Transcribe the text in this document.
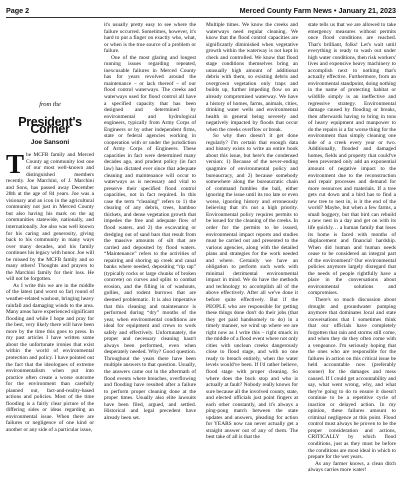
Page 2	Merced County Farm News • January 21, 2023
from the
President's Corner
Joe Sansoni

The MCFB family and Merced County ag community lost one of our most well-known and distinguished members recently. Joe Marchini, of J. Marchini and Sons, has passed away December 28th at the age of 84 years. Joe was a visionary and an icon in the agricultural community not just in Merced County but also having his mark on the ag communities statewide, nationally, and internationally. Joe also was well known for his caring and generosity, giving back to his community in many ways over many decades, and his family continues his legacy with honor. Joe will be missed by the MCFB family and so many others! Thoughts and prayers to the Marchini family for their loss. He will not be forgotten.

As I write this we are in the middle of the latest (and worst so far) round of weather-related washout, bringing heavy rainfall and damaging winds to the area. Many areas have experienced significant flooding and while I hope and pray for the best, very likely there will have been more by the time this goes to press. In my past articles I have written some about the unfortunate ironies that exist within the world of environmental protection and policy. I have pointed out the fact that the ideologues of extreme environmentalism when put into practice often create a worse outcome for the environment than carefully planned out, fact-and-reality-based actions and policies. Most of the time flooding is a fairly clear picture of the differing sides or ideas regarding an environmental issue. When there are failures or negligence of one kind or another or any side of a particular issue,

it's usually pretty easy to see where the failure occurred. Sometimes, however, it's hard to put a finger on exactly who, what, or when is the true source of a problem or failure.

One of the most glaring and longest running issues regarding repeated, inexcusable failures in Merced County has for years revolved around the maintenance – or lack thereof – of our flood control waterways. The creeks and waterways used for flood control all have a specified capacity that has been designed and determined by environmental and hydrological engineers, typically from Army Corps of Engineers or by other independent firms, state or federal agencies working in cooperation with or under the jurisdiction of Army Corps of Engineers. These capacities in fact were determined many decades ago, and prudent policy (in fact law) has dictated ever since that adequate cleaning and maintenance will occur to waterways as is necessary and vital to preserve their specified flood control capacities, not in fact required. In this case the term “cleaning” refers to 1) the clearing of any debris, trees, bamboo thickets, and dense vegetation growth that impedes the free and adequate flow of flood waters, and 2) the excavating or dredging out of sand bars that result from the massive amounts of silt that are carried and deposited by flood waters. “Maintenance” refers to the activities of repairing and shoring up creek and canal banks where needed, depositing “rip rap” (typically rocks or large chunks of broken concrete) on curves and splits to combat erosion, and the filling in of washouts, gullies, and rodent burrows that are deemed problematic. It is also imperative that this cleaning and maintenance is performed during “dry” months of the year, when environmental conditions are ideal for equipment and crews to work safely and effectively. Unfortunately, the proper and necessary cleaning hasn't always been performed, even when desperately needed. Why? Good question. Throughout the years there have been multiple answers to that question. Usually, the answers came out in the aftermath of flood events where breaches, overflowing and flooding have resulted after a failure to perform proper cleaning done at the proper times. Usually also elite lawsuits have been filed, argued, and settled. Historical and legal precedent have already been set.

Multiple times. We know the creeks and waterways need regular cleaning. We know that the flood control capacities are significantly diminished when vegetative growth within the waterway is not kept in check and controlled. We know that flood stage conditions themselves bring an unusually high amount of additional debris with them, so existing debris and overgrown vegetation only traps and builds up, further impeding flow on an already compromised waterway. We have a history of homes, farms, animals, cities, drinking water wells and environmental health in general being severely and negatively impacted by floods that occur when the creeks overflow or break.

So why then doesn't it get done regularly? I'm certain that enough data and history exists to write an entire book about this issue, but here's the condensed version: 1) Because of the never-ending quagmire of environmental policy and bureaucracy, and 2) because somebody somewhere along the bureaucratic chain of command fumbles the ball, either ignoring the issue until its too late or even worse, ignoring history and erroneously believing that it's not a high priority. Environmental policy requires permits to be issued for the cleaning of the creeks. In order for the permits to be issued, environmental impact reports and studies must be carried out and presented to the various agencies, along with the detailed plans and strategies for the work needed and where. Certainly we have an obligation to perform such work with minimal detrimental environmental impact in mind. We do have the methods and technology to accomplish all of the above effectively. After all we've done it before quite effectively. But if the PEOPLE who are responsible for getting these things done don't do their jobs (that they get paid handsomely to do) in a timely manner, we wind up where we are right now as I write this – right smack in the middle of a flood event where not only cities with unclean creeks dangerously close to flood stage, and with no one ready to breach entirely, when the water levels would've been. If I'd rather believe, flood stage with proper cleaning. So where does the buck stop and who is actually at fault? Nobody really knows for sure because all the involved county, state, and elected officials just point fingers at each other constantly, and it's always a ping-pong match between the state updates and answers, pleading for action for YEARS now can never actually get a straight answer out of any of them. The best take of all is that the

state tells us that we are allowed to take emergency measures without permits once flood conditions are reached. That's brilliant, folks! Let's wait until everything is ready to wash out under high water conditions, then risk workers' lives and expensive heavy machinery to accomplish next to nothing that's actually effective. Furthermore, from an environmental standpoint, doing nothing in the name of protecting habitat or wildlife simply is an ineffective and regressive strategy. Environmental damage caused by flooding or breaks, then afterwards having to bring in tons of heavy equipment and manpower to do the repairs is a far worse thing for the environment than simply cleaning one side of a creek every year or two. Additionally, flooded and damaged homes, fields and property that could've been prevented only add an exponential amount of negative impact to the environment due to the reconstruction and repair processes and demand for more resources and materials. If a tree gets cut down and a bird has to find a new tree to nest in, is it the end of the world? Maybe, but when a few farms, a small hoggery, but that bird can rebuild a new nest in a day and get on with its life quickly… a human family that loses its home is faced with months of displacement and financial hardship. When did human and human needs cease to be considered an integral part of the environment? Our environmental policies anymore largely disregard that the needs of people rightfully have a place in the conversations about environmental solutions and compromises.

There's so much discussion about drought and groundwater pumping anymore that dominates local and state conversations that I sometimes think that our officials have completely forgotten that rain and storms still come, and when they do they often come with a vengeance. I'm seriously hoping that the ones who are responsible for the failures in action on this critical issue be held accountable now (preferably sooner) for the damages and mess caused. If I could get accountability and say, what went wrong, why, and what they're going to do to ensure it doesn't continue to be a repetitive cycle of inaction or delayed action. In my opinion, these failures amount to criminal negligence at this point. Flood control must always be proven to be the proper consideration and actions, CRITICALLY by which flood conditions, just as they must be before the conditions are most ideal in which to prepare for the wet years.

As any farmer knows, a clean ditch always carries more water!
